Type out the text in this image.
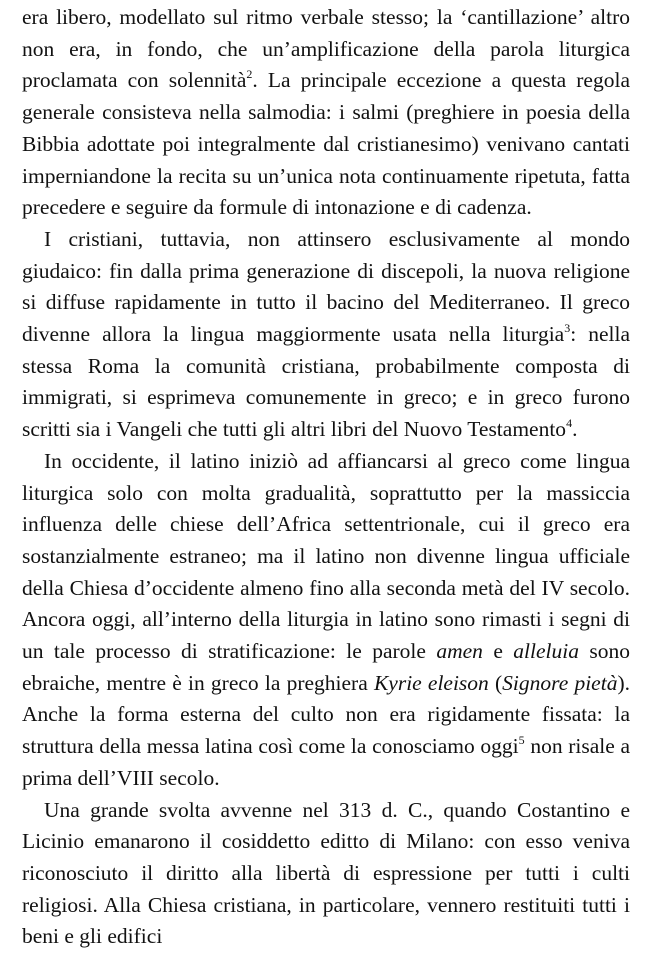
era libero, modellato sul ritmo verbale stesso; la ‘cantillazione’ altro non era, in fondo, che un’amplificazione della parola liturgica proclamata con solennità$^2$. La principale eccezione a questa regola generale consisteva nella salmodia: i salmi (preghiere in poesia della Bibbia adottate poi integralmente dal cristianesimo) venivano cantati imperniandone la recita su un’unica nota continuamente ripetuta, fatta precedere e seguire da formule di intonazione e di cadenza.

I cristiani, tuttavia, non attinsero esclusivamente al mondo giudaico: fin dalla prima generazione di discepoli, la nuova religione si diffuse rapidamente in tutto il bacino del Mediterraneo. Il greco divenne allora la lingua maggiormente usata nella liturgia$^3$: nella stessa Roma la comunità cristiana, probabilmente composta di immigrati, si esprimeva comunemente in greco; e in greco furono scritti sia i Vangeli che tutti gli altri libri del Nuovo Testamento$^4$.

In occidente, il latino iniziò ad affiancarsi al greco come lingua liturgica solo con molta gradualità, soprattutto per la massiccia influenza delle chiese dell’Africa settentrionale, cui il greco era sostanzialmente estraneo; ma il latino non divenne lingua ufficiale della Chiesa d’occidente almeno fino alla seconda metà del IV secolo. Ancora oggi, all’interno della liturgia in latino sono rimasti i segni di un tale processo di stratificazione: le parole amen e alleluia sono ebraiche, mentre è in greco la preghiera Kyrie eleison (Signore pietà). Anche la forma esterna del culto non era rigidamente fissata: la struttura della messa latina così come la conosciamo oggi$^5$ non risale a prima dell’VIII secolo.

Una grande svolta avvenne nel 313 d. C., quando Costantino e Licinio emanarono il cosiddetto editto di Milano: con esso veniva riconosciuto il diritto alla libertà di espressione per tutti i culti religiosi. Alla Chiesa cristiana, in particolare, vennero restituiti tutti i beni e gli edifici
